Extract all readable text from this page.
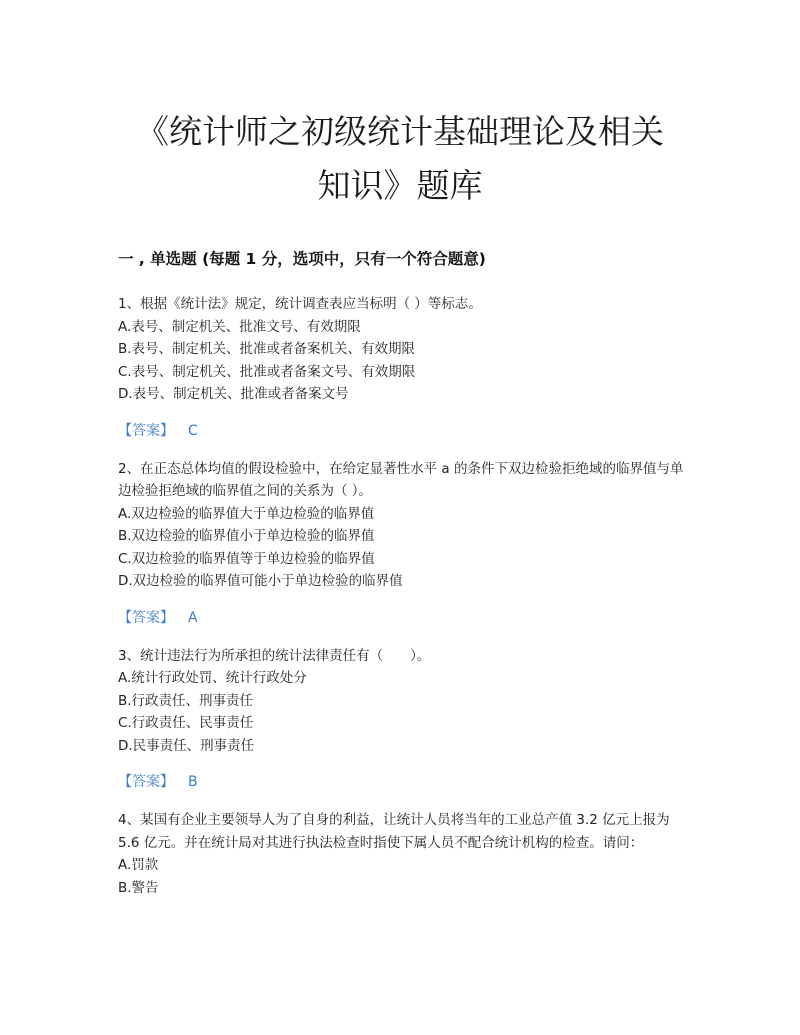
《统计师之初级统计基础理论及相关
知识》题库
一 , 单选题 (每题 1 分，选项中，只有一个符合题意)

1、根据《统计法》规定，统计调查表应当标明（ ）等标志。

A.表号、制定机关、批准文号、有效期限

B.表号、制定机关、批准或者备案机关、有效期限

C.表号、制定机关、批准或者备案文号、有效期限

D.表号、制定机关、批准或者备案文号

【答案】 C

2、在正态总体均值的假设检验中，在给定显著性水平 a 的条件下双边检验拒绝域的临界值与单边检验拒绝域的临界值之间的关系为（ ）。

A.双边检验的临界值大于单边检验的临界值

B.双边检验的临界值小于单边检验的临界值

C.双边检验的临界值等于单边检验的临界值

D.双边检验的临界值可能小于单边检验的临界值

【答案】 A

3、统计违法行为所承担的统计法律责任有（　　）。

A.统计行政处罚、统计行政处分

B.行政责任、刑事责任

C.行政责任、民事责任

D.民事责任、刑事责任

【答案】 B

4、某国有企业主要领导人为了自身的利益，让统计人员将当年的工业总产值 3.2 亿元上报为 5.6 亿元。并在统计局对其进行执法检查时指使下属人员不配合统计机构的检查。请问：

A.罚款

B.警告
